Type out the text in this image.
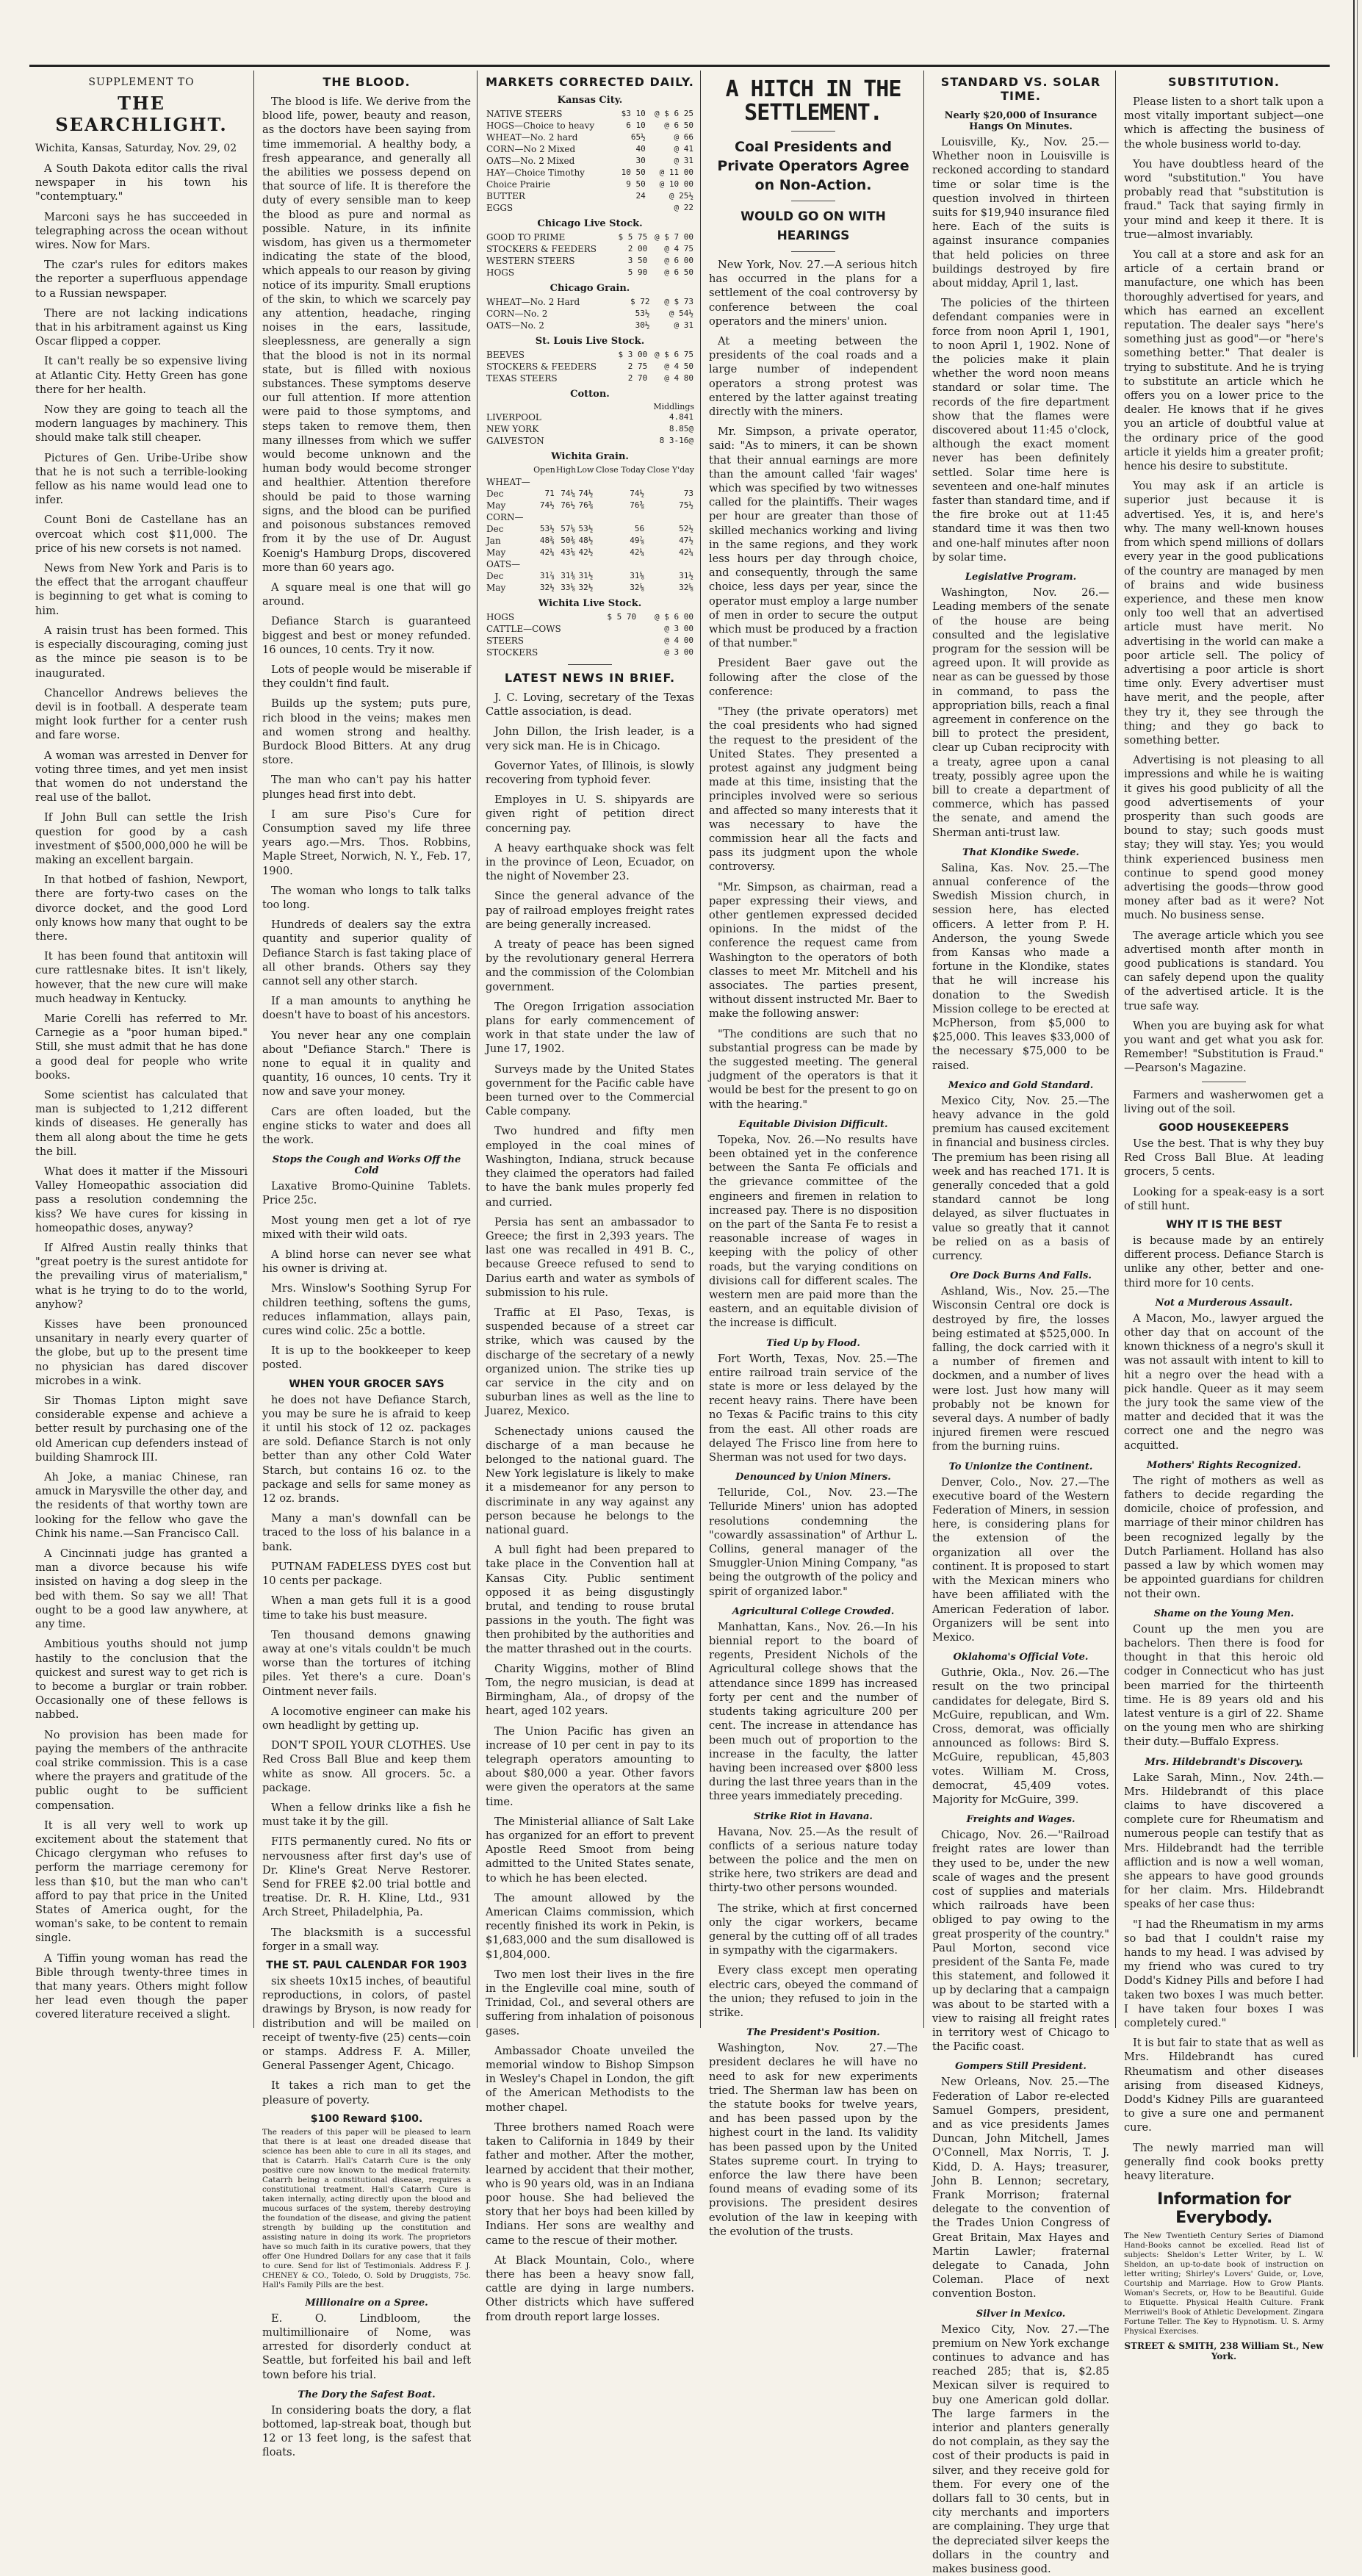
SUPPLEMENT TO
THE SEARCHLIGHT.
Wichita, Kansas, Saturday, Nov. 29, 02

A South Dakota editor calls the rival newspaper in his town his "contemptuary."

Marconi says he has succeeded in telegraphing across the ocean without wires. Now for Mars.

The czar's rules for editors makes the reporter a superfluous appendage to a Russian newspaper.

There are not lacking indications that in his arbitrament against us King Oscar flipped a copper.

It can't really be so expensive living at Atlantic City. Hetty Green has gone there for her health.

Now they are going to teach all the modern languages by machinery. This should make talk still cheaper.

Pictures of Gen. Uribe-Uribe show that he is not such a terrible-looking fellow as his name would lead one to infer.

Count Boni de Castellane has an overcoat which cost $11,000. The price of his new corsets is not named.

News from New York and Paris is to the effect that the arrogant chauffeur is beginning to get what is coming to him.

A raisin trust has been formed. This is especially discouraging, coming just as the mince pie season is to be inaugurated.

Chancellor Andrews believes the devil is in football. A desperate team might look further for a center rush and fare worse.

A woman was arrested in Denver for voting three times, and yet men insist that women do not understand the real use of the ballot.

If John Bull can settle the Irish question for good by a cash investment of $500,000,000 he will be making an excellent bargain.

In that hotbed of fashion, Newport, there are forty-two cases on the divorce docket, and the good Lord only knows how many that ought to be there.

It has been found that antitoxin will cure rattlesnake bites. It isn't likely, however, that the new cure will make much headway in Kentucky.

Marie Corelli has referred to Mr. Carnegie as a "poor human biped." Still, she must admit that he has done a good deal for people who write books.

Some scientist has calculated that man is subjected to 1,212 different kinds of diseases. He generally has them all along about the time he gets the bill.

What does it matter if the Missouri Valley Homeopathic association did pass a resolution condemning the kiss? We have cures for kissing in homeopathic doses, anyway?

If Alfred Austin really thinks that "great poetry is the surest antidote for the prevailing virus of materialism," what is he trying to do to the world, anyhow?

Kisses have been pronounced unsanitary in nearly every quarter of the globe, but up to the present time no physician has dared discover microbes in a wink.

Sir Thomas Lipton might save considerable expense and achieve a better result by purchasing one of the old American cup defenders instead of building Shamrock III.

Ah Joke, a maniac Chinese, ran amuck in Marysville the other day, and the residents of that worthy town are looking for the fellow who gave the Chink his name.—San Francisco Call.

A Cincinnati judge has granted a man a divorce because his wife insisted on having a dog sleep in the bed with them. So say we all! That ought to be a good law anywhere, at any time.

Ambitious youths should not jump hastily to the conclusion that the quickest and surest way to get rich is to become a burglar or train robber. Occasionally one of these fellows is nabbed.

No provision has been made for paying the members of the anthracite coal strike commission. This is a case where the prayers and gratitude of the public ought to be sufficient compensation.

It is all very well to work up excitement about the statement that Chicago clergyman who refuses to perform the marriage ceremony for less than $10, but the man who can't afford to pay that price in the United States of America ought, for the woman's sake, to be content to remain single.

A Tiffin young woman has read the Bible through twenty-three times in that many years. Others might follow her lead even though the paper covered literature received a slight.

THE BLOOD.

The blood is life. We derive from the blood life, power, beauty and reason, as the doctors have been saying from time immemorial. A healthy body, a fresh appearance, and generally all the abilities we possess depend on that source of life. It is therefore the duty of every sensible man to keep the blood as pure and normal as possible. Nature, in its infinite wisdom, has given us a thermometer indicating the state of the blood, which appeals to our reason by giving notice of its impurity. Small eruptions of the skin, to which we scarcely pay any attention, headache, ringing noises in the ears, lassitude, sleeplessness, are generally a sign that the blood is not in its normal state, but is filled with noxious substances. These symptoms deserve our full attention. If more attention were paid to those symptoms, and steps taken to remove them, then many illnesses from which we suffer would become unknown and the human body would become stronger and healthier. Attention therefore should be paid to those warning signs, and the blood can be purified and poisonous substances removed from it by the use of Dr. August Koenig's Hamburg Drops, discovered more than 60 years ago.

A square meal is one that will go around.

Defiance Starch is guaranteed biggest and best or money refunded. 16 ounces, 10 cents. Try it now.

Lots of people would be miserable if they couldn't find fault.

Builds up the system; puts pure, rich blood in the veins; makes men and women strong and healthy. Burdock Blood Bitters. At any drug store.

The man who can't pay his hatter plunges head first into debt.

I am sure Piso's Cure for Consumption saved my life three years ago.—Mrs. Thos. Robbins, Maple Street, Norwich, N. Y., Feb. 17, 1900.

The woman who longs to talk talks too long.

Hundreds of dealers say the extra quantity and superior quality of Defiance Starch is fast taking place of all other brands. Others say they cannot sell any other starch.

If a man amounts to anything he doesn't have to boast of his ancestors.

You never hear any one complain about "Defiance Starch." There is none to equal it in quality and quantity, 16 ounces, 10 cents. Try it now and save your money.

Cars are often loaded, but the engine sticks to water and does all the work.

Stops the Cough and Works Off the Cold

Laxative Bromo-Quinine Tablets. Price 25c.

Most young men get a lot of rye mixed with their wild oats.

A blind horse can never see what his owner is driving at.

Mrs. Winslow's Soothing Syrup For children teething, softens the gums, reduces inflammation, allays pain, cures wind colic. 25c a bottle.

It is up to the bookkeeper to keep posted.

WHEN YOUR GROCER SAYS

he does not have Defiance Starch, you may be sure he is afraid to keep it until his stock of 12 oz. packages are sold. Defiance Starch is not only better than any other Cold Water Starch, but contains 16 oz. to the package and sells for same money as 12 oz. brands.

Many a man's downfall can be traced to the loss of his balance in a bank.

PUTNAM FADELESS DYES cost but 10 cents per package.

When a man gets full it is a good time to take his bust measure.

Ten thousand demons gnawing away at one's vitals couldn't be much worse than the tortures of itching piles. Yet there's a cure. Doan's Ointment never fails.

A locomotive engineer can make his own headlight by getting up.

DON'T SPOIL YOUR CLOTHES. Use Red Cross Ball Blue and keep them white as snow. All grocers. 5c. a package.

When a fellow drinks like a fish he must take it by the gill.

FITS permanently cured. No fits or nervousness after first day's use of Dr. Kline's Great Nerve Restorer. Send for FREE $2.00 trial bottle and treatise. Dr. R. H. Kline, Ltd., 931 Arch Street, Philadelphia, Pa.

The blacksmith is a successful forger in a small way.

THE ST. PAUL CALENDAR FOR 1903

six sheets 10x15 inches, of beautiful reproductions, in colors, of pastel drawings by Bryson, is now ready for distribution and will be mailed on receipt of twenty-five (25) cents—coin or stamps. Address F. A. Miller, General Passenger Agent, Chicago.

It takes a rich man to get the pleasure of poverty.

$100 Reward $100.

The readers of this paper will be pleased to learn that there is at least one dreaded disease that science has been able to cure in all its stages, and that is Catarrh. Hall's Catarrh Cure is the only positive cure now known to the medical fraternity. Catarrh being a constitutional disease, requires a constitutional treatment. Hall's Catarrh Cure is taken internally, acting directly upon the blood and mucous surfaces of the system, thereby destroying the foundation of the disease, and giving the patient strength by building up the constitution and assisting nature in doing its work. The proprietors have so much faith in its curative powers, that they offer One Hundred Dollars for any case that it fails to cure. Send for list of Testimonials. Address F. J. CHENEY & CO., Toledo, O. Sold by Druggists, 75c. Hall's Family Pills are the best.

Millionaire on a Spree.

E. O. Lindbloom, the multimillionaire of Nome, was arrested for disorderly conduct at Seattle, but forfeited his bail and left town before his trial.

The Dory the Safest Boat.

In considering boats the dory, a flat bottomed, lap-streak boat, though but 12 or 13 feet long, is the safest that floats.

MARKETS CORRECTED DAILY.
Kansas City.
NATIVE STEERS	$3 10	@ $ 6 25
HOGS—Choice to heavy	6 10	@ 6 50
WHEAT—No. 2 hard	65½	@ 66
CORN—No 2 Mixed	40	@ 41
OATS—No. 2 Mixed	30	@ 31
HAY—Choice Timothy	10 50	@ 11 00
Choice Prairie	9 50	@ 10 00
BUTTER	24	@ 25½
EGGS		@ 22
Chicago Live Stock.
GOOD TO PRIME	$ 5 75	@ $ 7 00
STOCKERS & FEEDERS	2 00	@ 4 75
WESTERN STEERS	3 50	@ 6 00
HOGS	5 90	@ 6 50
Chicago Grain.
WHEAT—No. 2 Hard	$ 72	@ $ 73
CORN—No. 2	53½	@ 54½
OATS—No. 2	30½	@ 31
St. Louis Live Stock.
BEEVES	$ 3 00	@ $ 6 75
STOCKERS & FEEDERS	2 75	@ 4 50
TEXAS STEERS	2 70	@ 4 80
Cotton.
Middlings
LIVERPOOL	4.841
NEW YORK	8.85@
GALVESTON	8 3-16@
Wichita Grain.
	Open	High	Low	Close Today	Close Y'day
WHEAT—					
Dec	71	74¼	74½	74½	73
May	74½	76½	76⅜	76⅜	75½
CORN—					
Dec	53½	57⅛	53½	56	52½
Jan	48⅜	50⅜	48½	49⅞	47½
May	42¼	43⅛	42½	42¼	42¼
OATS—					
Dec	31⅞	31⅜	31½	31⅝	31½
May	32½	33⅛	32½	32⅝	32⅝
Wichita Live Stock.
HOGS	$ 5 70	@ $ 6 00
CATTLE—COWS		@ 3 00
STEERS		@ 4 00
STOCKERS		@ 3 00
LATEST NEWS IN BRIEF.

J. C. Loving, secretary of the Texas Cattle association, is dead.

John Dillon, the Irish leader, is a very sick man. He is in Chicago.

Governor Yates, of Illinois, is slowly recovering from typhoid fever.

Employes in U. S. shipyards are given right of petition direct concerning pay.

A heavy earthquake shock was felt in the province of Leon, Ecuador, on the night of November 23.

Since the general advance of the pay of railroad employes freight rates are being generally increased.

A treaty of peace has been signed by the revolutionary general Herrera and the commission of the Colombian government.

The Oregon Irrigation association plans for early commencement of work in that state under the law of June 17, 1902.

Surveys made by the United States government for the Pacific cable have been turned over to the Commercial Cable company.

Two hundred and fifty men employed in the coal mines of Washington, Indiana, struck because they claimed the operators had failed to have the bank mules properly fed and curried.

Persia has sent an ambassador to Greece; the first in 2,393 years. The last one was recalled in 491 B. C., because Greece refused to send to Darius earth and water as symbols of submission to his rule.

Traffic at El Paso, Texas, is suspended because of a street car strike, which was caused by the discharge of the secretary of a newly organized union. The strike ties up car service in the city and on suburban lines as well as the line to Juarez, Mexico.

Schenectady unions caused the discharge of a man because he belonged to the national guard. The New York legislature is likely to make it a misdemeanor for any person to discriminate in any way against any person because he belongs to the national guard.

A bull fight had been prepared to take place in the Convention hall at Kansas City. Public sentiment opposed it as being disgustingly brutal, and tending to rouse brutal passions in the youth. The fight was then prohibited by the authorities and the matter thrashed out in the courts.

Charity Wiggins, mother of Blind Tom, the negro musician, is dead at Birmingham, Ala., of dropsy of the heart, aged 102 years.

The Union Pacific has given an increase of 10 per cent in pay to its telegraph operators amounting to about $80,000 a year. Other favors were given the operators at the same time.

The Ministerial alliance of Salt Lake has organized for an effort to prevent Apostle Reed Smoot from being admitted to the United States senate, to which he has been elected.

The amount allowed by the American Claims commission, which recently finished its work in Pekin, is $1,683,000 and the sum disallowed is $1,804,000.

Two men lost their lives in the fire in the Engleville coal mine, south of Trinidad, Col., and several others are suffering from inhalation of poisonous gases.

Ambassador Choate unveiled the memorial window to Bishop Simpson in Wesley's Chapel in London, the gift of the American Methodists to the mother chapel.

Three brothers named Roach were taken to California in 1849 by their father and mother. After the mother, learned by accident that their mother, who is 90 years old, was in an Indiana poor house. She had believed the story that her boys had been killed by Indians. Her sons are wealthy and came to the rescue of their mother.

At Black Mountain, Colo., where there has been a heavy snow fall, cattle are dying in large numbers. Other districts which have suffered from drouth report large losses.

A HITCH IN THE SETTLEMENT.
Coal Presidents and Private Operators Agree on Non-Action.
WOULD GO ON WITH HEARINGS

New York, Nov. 27.—A serious hitch has occurred in the plans for a settlement of the coal controversy by conference between the coal operators and the miners' union.

At a meeting between the presidents of the coal roads and a large number of independent operators a strong protest was entered by the latter against treating directly with the miners.

Mr. Simpson, a private operator, said: "As to miners, it can be shown that their annual earnings are more than the amount called 'fair wages' which was specified by two witnesses called for the plaintiffs. Their wages per hour are greater than those of skilled mechanics working and living in the same regions, and they work less hours per day through choice, and consequently, through the same choice, less days per year, since the operator must employ a large number of men in order to secure the output which must be produced by a fraction of that number."

President Baer gave out the following after the close of the conference:

"They (the private operators) met the coal presidents who had signed the request to the president of the United States. They presented a protest against any judgment being made at this time, insisting that the principles involved were so serious and affected so many interests that it was necessary to have the commission hear all the facts and pass its judgment upon the whole controversy.

"Mr. Simpson, as chairman, read a paper expressing their views, and other gentlemen expressed decided opinions. In the midst of the conference the request came from Washington to the operators of both classes to meet Mr. Mitchell and his associates. The parties present, without dissent instructed Mr. Baer to make the following answer:

"The conditions are such that no substantial progress can be made by the suggested meeting. The general judgment of the operators is that it would be best for the present to go on with the hearing."

Equitable Division Difficult.

Topeka, Nov. 26.—No results have been obtained yet in the conference between the Santa Fe officials and the grievance committee of the engineers and firemen in relation to increased pay. There is no disposition on the part of the Santa Fe to resist a reasonable increase of wages in keeping with the policy of other roads, but the varying conditions on divisions call for different scales. The western men are paid more than the eastern, and an equitable division of the increase is difficult.

Tied Up by Flood.

Fort Worth, Texas, Nov. 25.—The entire railroad train service of the state is more or less delayed by the recent heavy rains. There have been no Texas & Pacific trains to this city from the east. All other roads are delayed The Frisco line from here to Sherman was not used for two days.

Denounced by Union Miners.

Telluride, Col., Nov. 23.—The Telluride Miners' union has adopted resolutions condemning the "cowardly assassination" of Arthur L. Collins, general manager of the Smuggler-Union Mining Company, "as being the outgrowth of the policy and spirit of organized labor."

Agricultural College Crowded.

Manhattan, Kans., Nov. 26.—In his biennial report to the board of regents, President Nichols of the Agricultural college shows that the attendance since 1899 has increased forty per cent and the number of students taking agriculture 200 per cent. The increase in attendance has been much out of proportion to the increase in the faculty, the latter having been increased over $800 less during the last three years than in the three years immediately preceding.

Strike Riot in Havana.

Havana, Nov. 25.—As the result of conflicts of a serious nature today between the police and the men on strike here, two strikers are dead and thirty-two other persons wounded.

The strike, which at first concerned only the cigar workers, became general by the cutting off of all trades in sympathy with the cigarmakers.

Every class except men operating electric cars, obeyed the command of the union; they refused to join in the strike.

The President's Position.

Washington, Nov. 27.—The president declares he will have no need to ask for new experiments tried. The Sherman law has been on the statute books for twelve years, and has been passed upon by the highest court in the land. Its validity has been passed upon by the United States supreme court. In trying to enforce the law there have been found means of evading some of its provisions. The president desires evolution of the law in keeping with the evolution of the trusts.

STANDARD VS. SOLAR TIME.
Nearly $20,000 of Insurance Hangs On Minutes.

Louisville, Ky., Nov. 25.—Whether noon in Louisville is reckoned according to standard time or solar time is the question involved in thirteen suits for $19,940 insurance filed here. Each of the suits is against insurance companies that held policies on three buildings destroyed by fire about midday, April 1, last.

The policies of the thirteen defendant companies were in force from noon April 1, 1901, to noon April 1, 1902. None of the policies make it plain whether the word noon means standard or solar time. The records of the fire department show that the flames were discovered about 11:45 o'clock, although the exact moment never has been definitely settled. Solar time here is seventeen and one-half minutes faster than standard time, and if the fire broke out at 11:45 standard time it was then two and one-half minutes after noon by solar time.

Legislative Program.

Washington, Nov. 26.—Leading members of the senate of the house are being consulted and the legislative program for the session will be agreed upon. It will provide as near as can be guessed by those in command, to pass the appropriation bills, reach a final agreement in conference on the bill to protect the president, clear up Cuban reciprocity with a treaty, agree upon a canal treaty, possibly agree upon the bill to create a department of commerce, which has passed the senate, and amend the Sherman anti-trust law.

That Klondike Swede.

Salina, Kas. Nov. 25.—The annual conference of the Swedish Mission church, in session here, has elected officers. A letter from P. H. Anderson, the young Swede from Kansas who made a fortune in the Klondike, states that he will increase his donation to the Swedish Mission college to be erected at McPherson, from $5,000 to $25,000. This leaves $33,000 of the necessary $75,000 to be raised.

Mexico and Gold Standard.

Mexico City, Nov. 25.—The heavy advance in the gold premium has caused excitement in financial and business circles. The premium has been rising all week and has reached 171. It is generally conceded that a gold standard cannot be long delayed, as silver fluctuates in value so greatly that it cannot be relied on as a basis of currency.

Ore Dock Burns And Falls.

Ashland, Wis., Nov. 25.—The Wisconsin Central ore dock is destroyed by fire, the losses being estimated at $525,000. In falling, the dock carried with it a number of firemen and dockmen, and a number of lives were lost. Just how many will probably not be known for several days. A number of badly injured firemen were rescued from the burning ruins.

To Unionize the Continent.

Denver, Colo., Nov. 27.—The executive board of the Western Federation of Miners, in session here, is considering plans for the extension of the organization all over the continent. It is proposed to start with the Mexican miners who have been affiliated with the American Federation of labor. Organizers will be sent into Mexico.

Oklahoma's Official Vote.

Guthrie, Okla., Nov. 26.—The result on the two principal candidates for delegate, Bird S. McGuire, republican, and Wm. Cross, demorat, was officially announced as follows: Bird S. McGuire, republican, 45,803 votes. William M. Cross, democrat, 45,409 votes. Majority for McGuire, 399.

Freights and Wages.

Chicago, Nov. 26.—"Railroad freight rates are lower than they used to be, under the new scale of wages and the present cost of supplies and materials which railroads have been obliged to pay owing to the great prosperity of the country." Paul Morton, second vice president of the Santa Fe, made this statement, and followed it up by declaring that a campaign was about to be started with a view to raising all freight rates in territory west of Chicago to the Pacific coast.

Gompers Still President.

New Orleans, Nov. 25.—The Federation of Labor re-elected Samuel Gompers, president, and as vice presidents James Duncan, John Mitchell, James O'Connell, Max Norris, T. J. Kidd, D. A. Hays; treasurer, John B. Lennon; secretary, Frank Morrison; fraternal delegate to the convention of the Trades Union Congress of Great Britain, Max Hayes and Martin Lawler; fraternal delegate to Canada, John Coleman. Place of next convention Boston.

Silver in Mexico.

Mexico City, Nov. 27.—The premium on New York exchange continues to advance and has reached 285; that is, $2.85 Mexican silver is required to buy one American gold dollar. The large farmers in the interior and planters generally do not complain, as they say the cost of their products is paid in silver, and they receive gold for them. For every one of the dollars fall to 30 cents, but in city merchants and importers are complaining. They urge that the depreciated silver keeps the dollars in the country and makes business good.

SUBSTITUTION.

Please listen to a short talk upon a most vitally important subject—one which is affecting the business of the whole business world to-day.

You have doubtless heard of the word "substitution." You have probably read that "substitution is fraud." Tack that saying firmly in your mind and keep it there. It is true—almost invariably.

You call at a store and ask for an article of a certain brand or manufacture, one which has been thoroughly advertised for years, and which has earned an excellent reputation. The dealer says "here's something just as good"—or "here's something better." That dealer is trying to substitute. And he is trying to substitute an article which he offers you on a lower price to the dealer. He knows that if he gives you an article of doubtful value at the ordinary price of the good article it yields him a greater profit; hence his desire to substitute.

You may ask if an article is superior just because it is advertised. Yes, it is, and here's why. The many well-known houses from which spend millions of dollars every year in the good publications of the country are managed by men of brains and wide business experience, and these men know only too well that an advertised article must have merit. No advertising in the world can make a poor article sell. The policy of advertising a poor article is short time only. Every advertiser must have merit, and the people, after they try it, they see through the thing; and they go back to something better.

Advertising is not pleasing to all impressions and while he is waiting it gives his good publicity of all the good advertisements of your prosperity than such goods are bound to stay; such goods must stay; they will stay. Yes; you would think experienced business men continue to spend good money advertising the goods—throw good money after bad as it were? Not much. No business sense.

The average article which you see advertised month after month in good publications is standard. You can safely depend upon the quality of the advertised article. It is the true safe way.

When you are buying ask for what you want and get what you ask for. Remember! "Substitution is Fraud." —Pearson's Magazine.

Farmers and washerwomen get a living out of the soil.

GOOD HOUSEKEEPERS

Use the best. That is why they buy Red Cross Ball Blue. At leading grocers, 5 cents.

Looking for a speak-easy is a sort of still hunt.

WHY IT IS THE BEST

is because made by an entirely different process. Defiance Starch is unlike any other, better and one-third more for 10 cents.

Not a Murderous Assault.

A Macon, Mo., lawyer argued the other day that on account of the known thickness of a negro's skull it was not assault with intent to kill to hit a negro over the head with a pick handle. Queer as it may seem the jury took the same view of the matter and decided that it was the correct one and the negro was acquitted.

Mothers' Rights Recognized.

The right of mothers as well as fathers to decide regarding the domicile, choice of profession, and marriage of their minor children has been recognized legally by the Dutch Parliament. Holland has also passed a law by which women may be appointed guardians for children not their own.

Shame on the Young Men.

Count up the men you are bachelors. Then there is food for thought in that this heroic old codger in Connecticut who has just been married for the thirteenth time. He is 89 years old and his latest venture is a girl of 22. Shame on the young men who are shirking their duty.—Buffalo Express.

Mrs. Hildebrandt's Discovery.

Lake Sarah, Minn., Nov. 24th.—Mrs. Hildebrandt of this place claims to have discovered a complete cure for Rheumatism and numerous people can testify that as Mrs. Hildebrandt had the terrible affliction and is now a well woman, she appears to have good grounds for her claim. Mrs. Hildebrandt speaks of her case thus:

"I had the Rheumatism in my arms so bad that I couldn't raise my hands to my head. I was advised by my friend who was cured to try Dodd's Kidney Pills and before I had taken two boxes I was much better. I have taken four boxes I was completely cured."

It is but fair to state that as well as Mrs. Hildebrandt has cured Rheumatism and other diseases arising from diseased Kidneys, Dodd's Kidney Pills are guaranteed to give a sure one and permanent cure.

The newly married man will generally find cook books pretty heavy literature.

Information for Everybody.

The New Twentieth Century Series of Diamond Hand-Books cannot be excelled. Read list of subjects: Sheldon's Letter Writer, by L. W. Sheldon, an up-to-date book of instruction on letter writing; Shirley's Lovers' Guide, or, Love, Courtship and Marriage. How to Grow Plants. Woman's Secrets, or, How to be Beautiful. Guide to Etiquette. Physical Health Culture. Frank Merriwell's Book of Athletic Development. Zingara Fortune Teller. The Key to Hypnotism. U. S. Army Physical Exercises.

STREET & SMITH, 238 William St., New York.
